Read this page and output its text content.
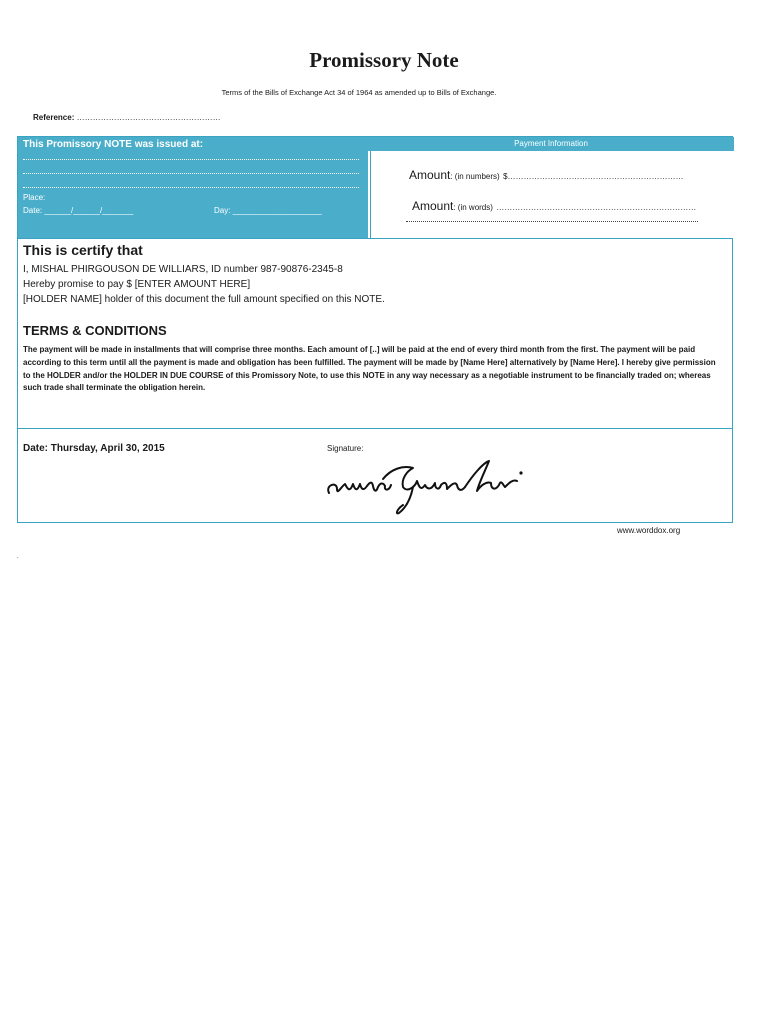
Promissory Note
Terms of the Bills of Exchange Act 34 of 1964 as amended up to Bills of Exchange.
Reference: ………………………………………………
This Promissory NOTE was issued at:
Place:
Date: ______/______/_______	Day: ____________________
Payment Information
Amount: (in numbers) $…………………………………………………………
Amount: (in words) …………………………………………………………………
This is certify that
I, MISHAL PHIRGOUSON DE WILLIARS, ID number 987-90876-2345-8
Hereby promise to pay $ [ENTER AMOUNT HERE]
[HOLDER NAME] holder of this document the full amount specified on this NOTE.
TERMS & CONDITIONS
The payment will be made in installments that will comprise three months. Each amount of [..] will be paid at the end of every third month from the first. The payment will be paid according to this term until all the payment is made and obligation has been fulfilled. The payment will be made by [Name Here] alternatively by [Name Here]. I hereby give permission to the HOLDER and/or the HOLDER IN DUE COURSE of this Promissory Note, to use this NOTE in any way necessary as a negotiable instrument to be financially traded on; whereas such trade shall terminate the obligation herein.
Date: Thursday, April 30, 2015	Signature:
www.worddox.org
.
